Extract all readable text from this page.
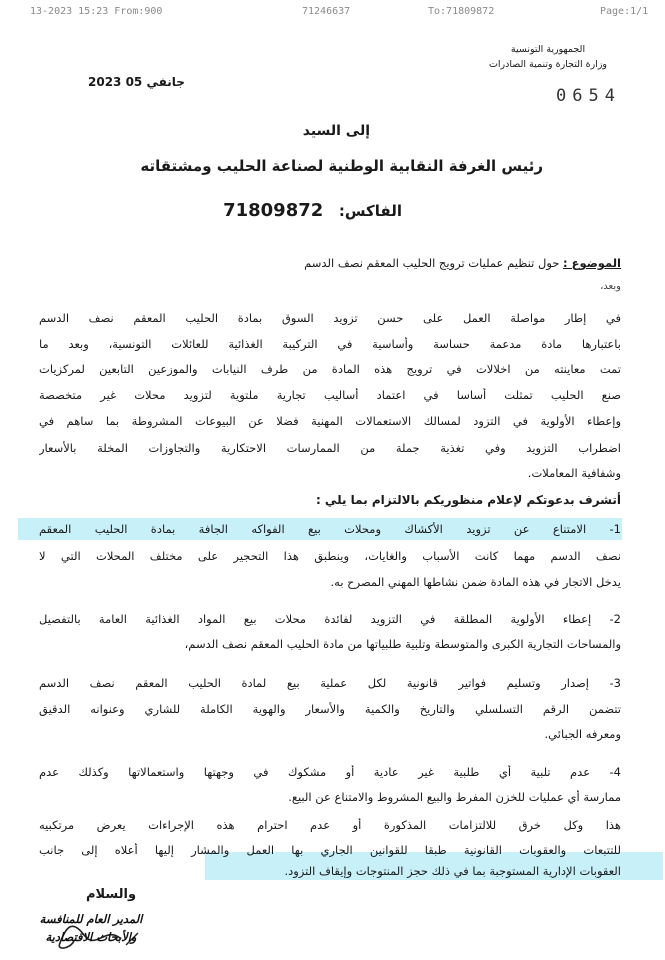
13-2023 15:23 From:900	71246637	To:71809872	Page:1/1
الجمهورية التونسية
وزارة التجارة وتنمية الصادرات
2023 جانفي 05
0654
إلى السيد
رئيس الغرفة النقابية الوطنية لصناعة الحليب ومشتقاته
الفاكس: 71809872
الموضوع : حول تنظيم عمليات ترويج الحليب المعقم نصف الدسم
وبعد،
في إطار مواصلة العمل على حسن تزويد السوق بمادة الحليب المعقم نصف الدسم
باعتبارها مادة مدعمة حساسة وأساسية في التركيبة الغذائية للعائلات التونسية، وبعد ما
تمت معاينته من اخلالات في ترويج هذه المادة من طرف النيابات والموزعين التابعين لمركزيات
صنع الحليب تمثلت أساسا في اعتماد أساليب تجارية ملتوية لتزويد محلات غير متخصصة
وإعطاء الأولوية في التزود لمسالك الاستعمالات المهنية فضلا عن البيوعات المشروطة بما ساهم في
اضطراب التزويد وفي تغذية جملة من الممارسات الاحتكارية والتجاوزات المخلة بالأسعار
وشفافية المعاملات.
أتشرف بدعوتكم لإعلام منظوريكم بالالتزام بما يلي :
1- الامتناع عن تزويد الأكشاك ومحلات بيع الفواكه الجافة بمادة الحليب المعقم
نصف الدسم مهما كانت الأسباب والغايات، وينطبق هذا التحجير على مختلف المحلات التي لا
يدخل الاتجار في هذه المادة ضمن نشاطها المهني المصرح به.
2- إعطاء الأولوية المطلقة في التزويد لفائدة محلات بيع المواد الغذائية العامة بالتفصيل
والمساحات التجارية الكبرى والمتوسطة وتلبية طلبياتها من مادة الحليب المعقم نصف الدسم،
3- إصدار وتسليم فواتير قانونية لكل عملية بيع لمادة الحليب المعقم نصف الدسم
تتضمن الرقم التسلسلي والتاريخ والكمية والأسعار والهوية الكاملة للشاري وعنوانه الدقيق
ومعرفه الجبائي.
4- عدم تلبية أي طلبية غير عادية أو مشكوك في وجهتها واستعمالاتها وكذلك عدم
ممارسة أي عمليات للخزن المفرط والبيع المشروط والامتناع عن البيع.
هذا وكل خرق للالتزامات المذكورة أو عدم احترام هذه الإجراءات يعرض مرتكبيه
للتتبعات والعقوبات القانونية طبقا للقوانين الجاري بها العمل والمشار إليها أعلاه إلى جانب
العقوبات الإدارية المستوجبة بما في ذلك حجز المنتوجات وإيقاف التزود.
والسلام
المدير العام للمنافسة
والأبحاث الاقتصادية
